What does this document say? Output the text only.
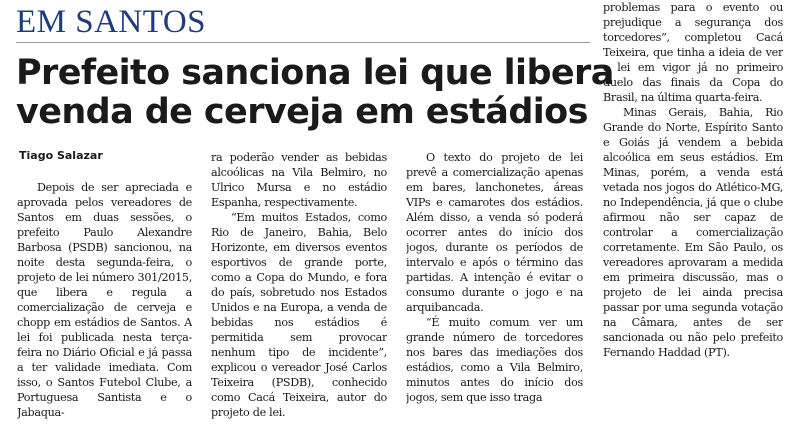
EM SANTOS
Prefeito sanciona lei que libera
venda de cerveja em estádios
Tiago Salazar

Depois de ser apreciada e aprovada pelos vereadores de Santos em duas sessões, o prefeito Paulo Alexandre Barbosa (PSDB) sancionou, na noite desta segunda-feira, o projeto de lei número 301/2015, que libera e regula a comercialização de cerveja e chopp em estádios de Santos. A lei foi publicada nesta terça-feira no Diário Oficial e já passa a ter validade imediata. Com isso, o Santos Futebol Clube, a Portuguesa Santista e o Jabaqua-

ra poderão vender as bebidas alcoólicas na Vila Belmiro, no Ulrico Mursa e no estádio Espanha, respectivamente.

“Em muitos Estados, como Rio de Janeiro, Bahia, Belo Horizonte, em diversos eventos esportivos de grande porte, como a Copa do Mundo, e fora do país, sobretudo nos Estados Unidos e na Europa, a venda de bebidas nos estádios é permitida sem provocar nenhum tipo de incidente”, explicou o vereador José Carlos Teixeira (PSDB), conhecido como Cacá Teixeira, autor do projeto de lei.

O texto do projeto de lei prevê a comercialização apenas em bares, lanchonetes, áreas VIPs e camarotes dos estádios. Além disso, a venda só poderá ocorrer antes do início dos jogos, durante os períodos de intervalo e após o término das partidas. A intenção é evitar o consumo durante o jogo e na arquibancada.

“É muito comum ver um grande número de torcedores nos bares das imediações dos estádios, como a Vila Belmiro, minutos antes do início dos jogos, sem que isso traga

problemas para o evento ou prejudique a segurança dos torcedores”, completou Cacá Teixeira, que tinha a ideia de ver a lei em vigor já no primeiro duelo das finais da Copa do Brasil, na última quarta-feira.

Minas Gerais, Bahia, Rio Grande do Norte, Espírito Santo e Goiás já vendem a bebida alcoólica em seus estádios. Em Minas, porém, a venda está vetada nos jogos do Atlético-MG, no Independência, já que o clube afirmou não ser capaz de controlar a comercialização corretamente. Em São Paulo, os vereadores aprovaram a medida em primeira discussão, mas o projeto de lei ainda precisa passar por uma segunda votação na Câmara, antes de ser sancionada ou não pelo prefeito Fernando Haddad (PT).
